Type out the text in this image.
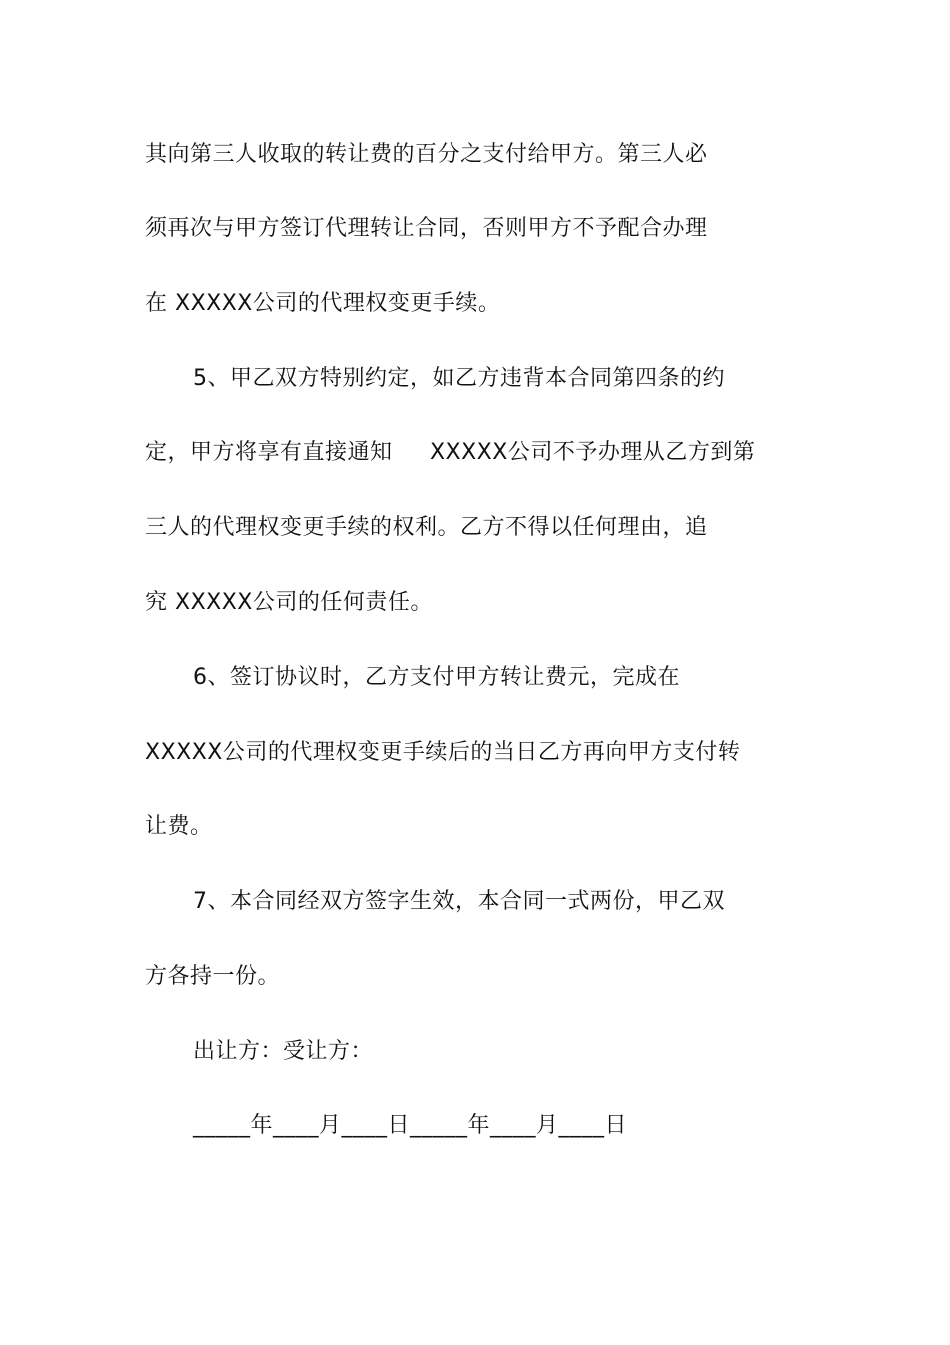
其向第三人收取的转让费的百分之支付给甲方。第三人必
须再次与甲方签订代理转让合同，否则甲方不予配合办理
在 XXXXX公司的代理权变更手续。
5、甲乙双方特别约定，如乙方违背本合同第四条的约
定，甲方将享有直接通知     XXXXX公司不予办理从乙方到第
三人的代理权变更手续的权利。乙方不得以任何理由，追
究 XXXXX公司的任何责任。
6、签订协议时，乙方支付甲方转让费元，完成在
XXXXX公司的代理权变更手续后的当日乙方再向甲方支付转
让费。
7、本合同经双方签字生效，本合同一式两份，甲乙双
方各持一份。
出让方：受让方：
_____年____月____日_____年____月____日
